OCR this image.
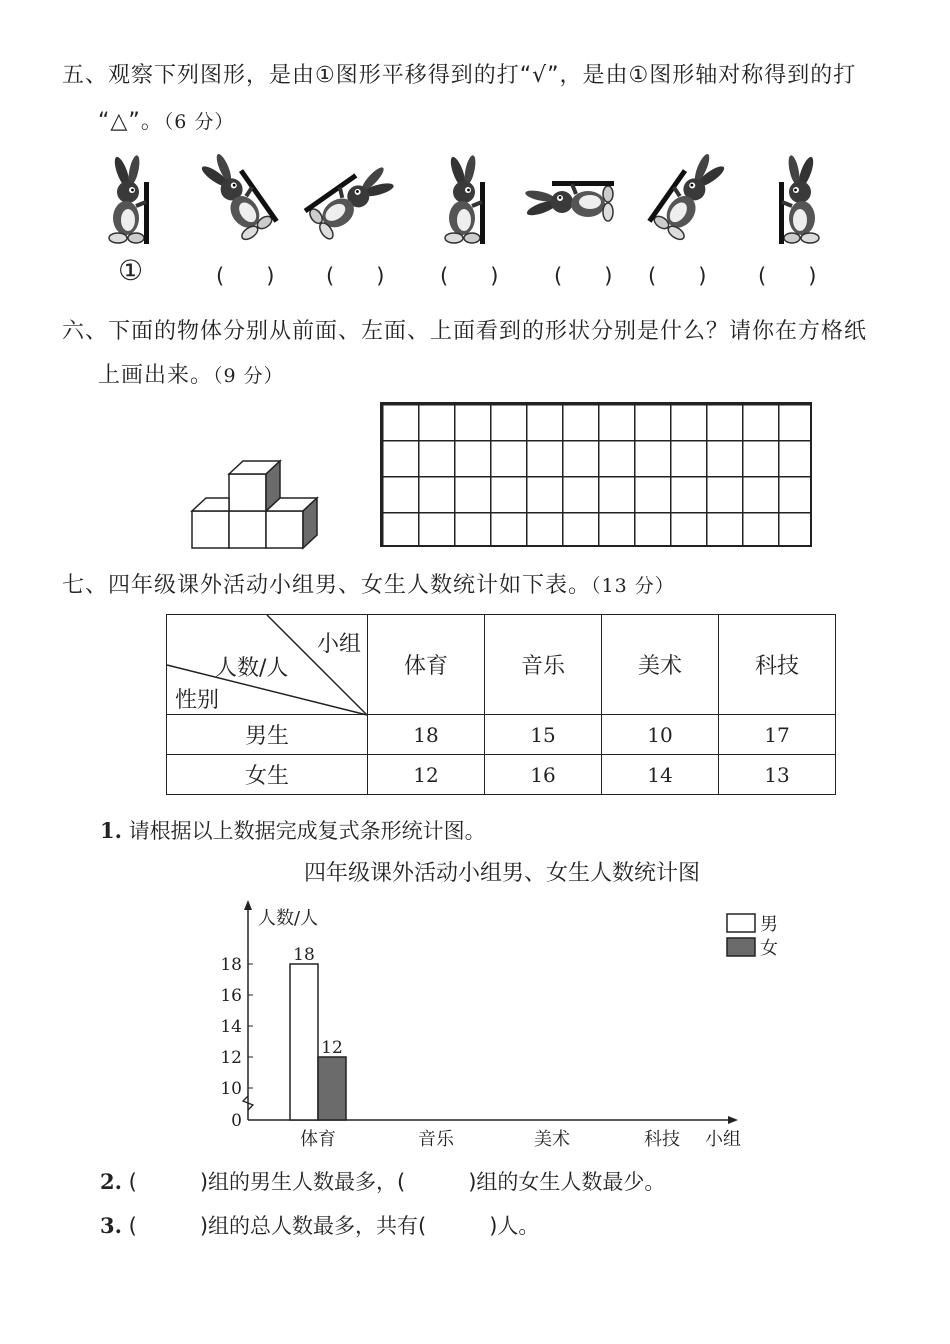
五、观察下列图形，是由①图形平移得到的打“√”，是由①图形轴对称得到的打
“△”。（6 分）
①	(　　) (　　)	(　　)	(　　) (　　) (　　)
六、下面的物体分别从前面、左面、上面看到的形状分别是什么？请你在方格纸
上画出来。（9 分）
七、四年级课外活动小组男、女生人数统计如下表。（13 分）
小组
人数/人
性别	体育	音乐	美术	科技
男生	18	15	10	17
女生	12	16	14	13
1. 请根据以上数据完成复式条形统计图。
四年级课外活动小组男、女生人数统计图
人数/人
小组
0
10
12
14
16
18
体育	音乐	美术	科技
18
12
男
女
2. (　　　)组的男生人数最多，(　　　)组的女生人数最少。
3. (　　　)组的总人数最多，共有(　　　)人。
